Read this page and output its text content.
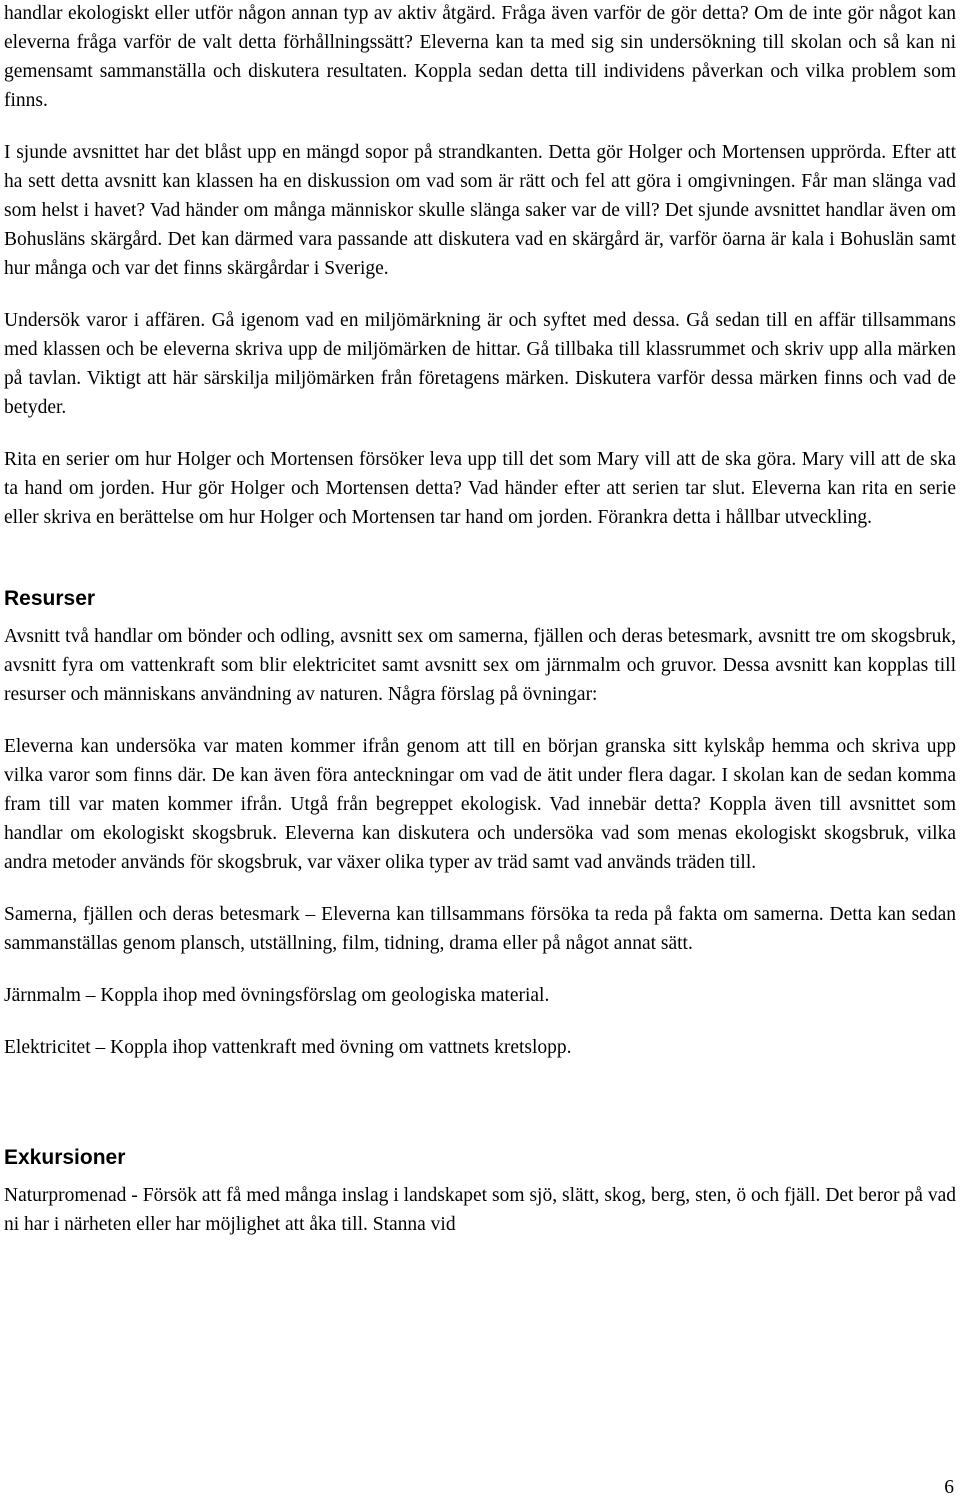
handlar ekologiskt eller utför någon annan typ av aktiv åtgärd. Fråga även varför de gör detta? Om de inte gör något kan eleverna fråga varför de valt detta förhållningssätt? Eleverna kan ta med sig sin undersökning till skolan och så kan ni gemensamt sammanställa och diskutera resultaten. Koppla sedan detta till individens påverkan och vilka problem som finns.

I sjunde avsnittet har det blåst upp en mängd sopor på strandkanten. Detta gör Holger och Mortensen upprörda. Efter att ha sett detta avsnitt kan klassen ha en diskussion om vad som är rätt och fel att göra i omgivningen. Får man slänga vad som helst i havet? Vad händer om många människor skulle slänga saker var de vill? Det sjunde avsnittet handlar även om Bohusläns skärgård. Det kan därmed vara passande att diskutera vad en skärgård är, varför öarna är kala i Bohuslän samt hur många och var det finns skärgårdar i Sverige.

Undersök varor i affären. Gå igenom vad en miljömärkning är och syftet med dessa. Gå sedan till en affär tillsammans med klassen och be eleverna skriva upp de miljömärken de hittar. Gå tillbaka till klassrummet och skriv upp alla märken på tavlan. Viktigt att här särskilja miljömärken från företagens märken. Diskutera varför dessa märken finns och vad de betyder.

Rita en serier om hur Holger och Mortensen försöker leva upp till det som Mary vill att de ska göra. Mary vill att de ska ta hand om jorden. Hur gör Holger och Mortensen detta? Vad händer efter att serien tar slut. Eleverna kan rita en serie eller skriva en berättelse om hur Holger och Mortensen tar hand om jorden. Förankra detta i hållbar utveckling.

Resurser

Avsnitt två handlar om bönder och odling, avsnitt sex om samerna, fjällen och deras betesmark, avsnitt tre om skogsbruk, avsnitt fyra om vattenkraft som blir elektricitet samt avsnitt sex om järnmalm och gruvor. Dessa avsnitt kan kopplas till resurser och människans användning av naturen. Några förslag på övningar:

Eleverna kan undersöka var maten kommer ifrån genom att till en början granska sitt kylskåp hemma och skriva upp vilka varor som finns där. De kan även föra anteckningar om vad de ätit under flera dagar. I skolan kan de sedan komma fram till var maten kommer ifrån. Utgå från begreppet ekologisk. Vad innebär detta? Koppla även till avsnittet som handlar om ekologiskt skogsbruk. Eleverna kan diskutera och undersöka vad som menas ekologiskt skogsbruk, vilka andra metoder används för skogsbruk, var växer olika typer av träd samt vad används träden till.

Samerna, fjällen och deras betesmark – Eleverna kan tillsammans försöka ta reda på fakta om samerna. Detta kan sedan sammanställas genom plansch, utställning, film, tidning, drama eller på något annat sätt.

Järnmalm – Koppla ihop med övningsförslag om geologiska material.

Elektricitet – Koppla ihop vattenkraft med övning om vattnets kretslopp.

Exkursioner

Naturpromenad - Försök att få med många inslag i landskapet som sjö, slätt, skog, berg, sten, ö och fjäll. Det beror på vad ni har i närheten eller har möjlighet att åka till. Stanna vid

6
